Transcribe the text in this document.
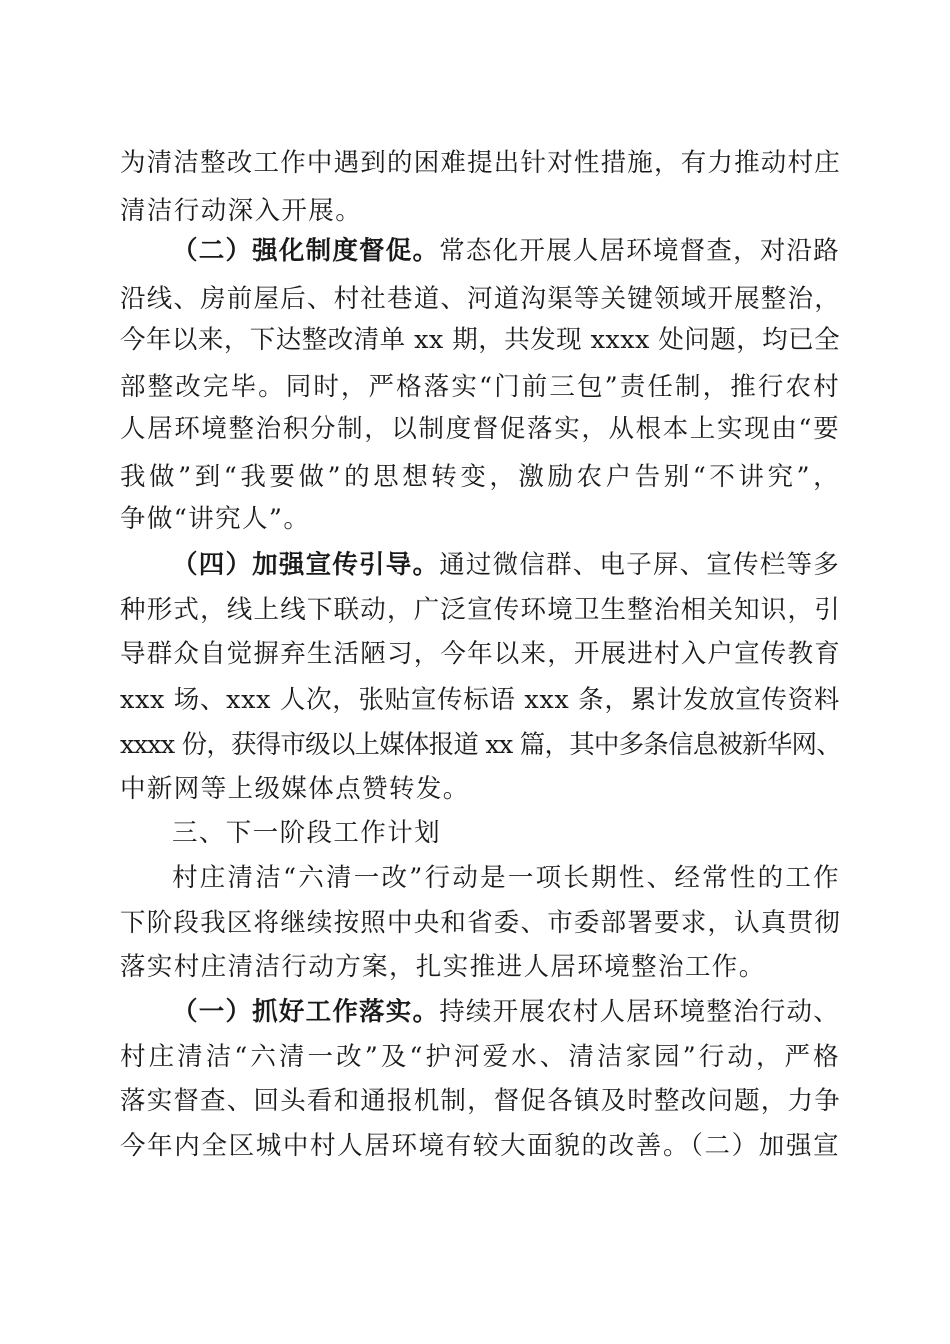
为清洁整改工作中遇到的困难提出针对性措施，有力推动村庄
清洁行动深入开展。
（二）强化制度督促。常态化开展人居环境督查，对沿路
沿线、房前屋后、村社巷道、河道沟渠等关键领域开展整治，
今年以来，下达整改清单 xx 期，共发现 xxxx 处问题，均已全
部整改完毕。同时，严格落实“门前三包”责任制，推行农村
人居环境整治积分制，以制度督促落实，从根本上实现由“要
我做”到“我要做”的思想转变，激励农户告别“不讲究”，
争做“讲究人”。
（四）加强宣传引导。通过微信群、电子屏、宣传栏等多
种形式，线上线下联动，广泛宣传环境卫生整治相关知识，引
导群众自觉摒弃生活陋习，今年以来，开展进村入户宣传教育
xxx 场、xxx 人次，张贴宣传标语 xxx 条，累计发放宣传资料
xxxx 份，获得市级以上媒体报道 xx 篇，其中多条信息被新华网、
中新网等上级媒体点赞转发。
三、下一阶段工作计划
村庄清洁“六清一改”行动是一项长期性、经常性的工作
下阶段我区将继续按照中央和省委、市委部署要求，认真贯彻
落实村庄清洁行动方案，扎实推进人居环境整治工作。
（一）抓好工作落实。持续开展农村人居环境整治行动、
村庄清洁“六清一改”及“护河爱水、清洁家园”行动，严格
落实督查、回头看和通报机制，督促各镇及时整改问题，力争
今年内全区城中村人居环境有较大面貌的改善。（二）加强宣
